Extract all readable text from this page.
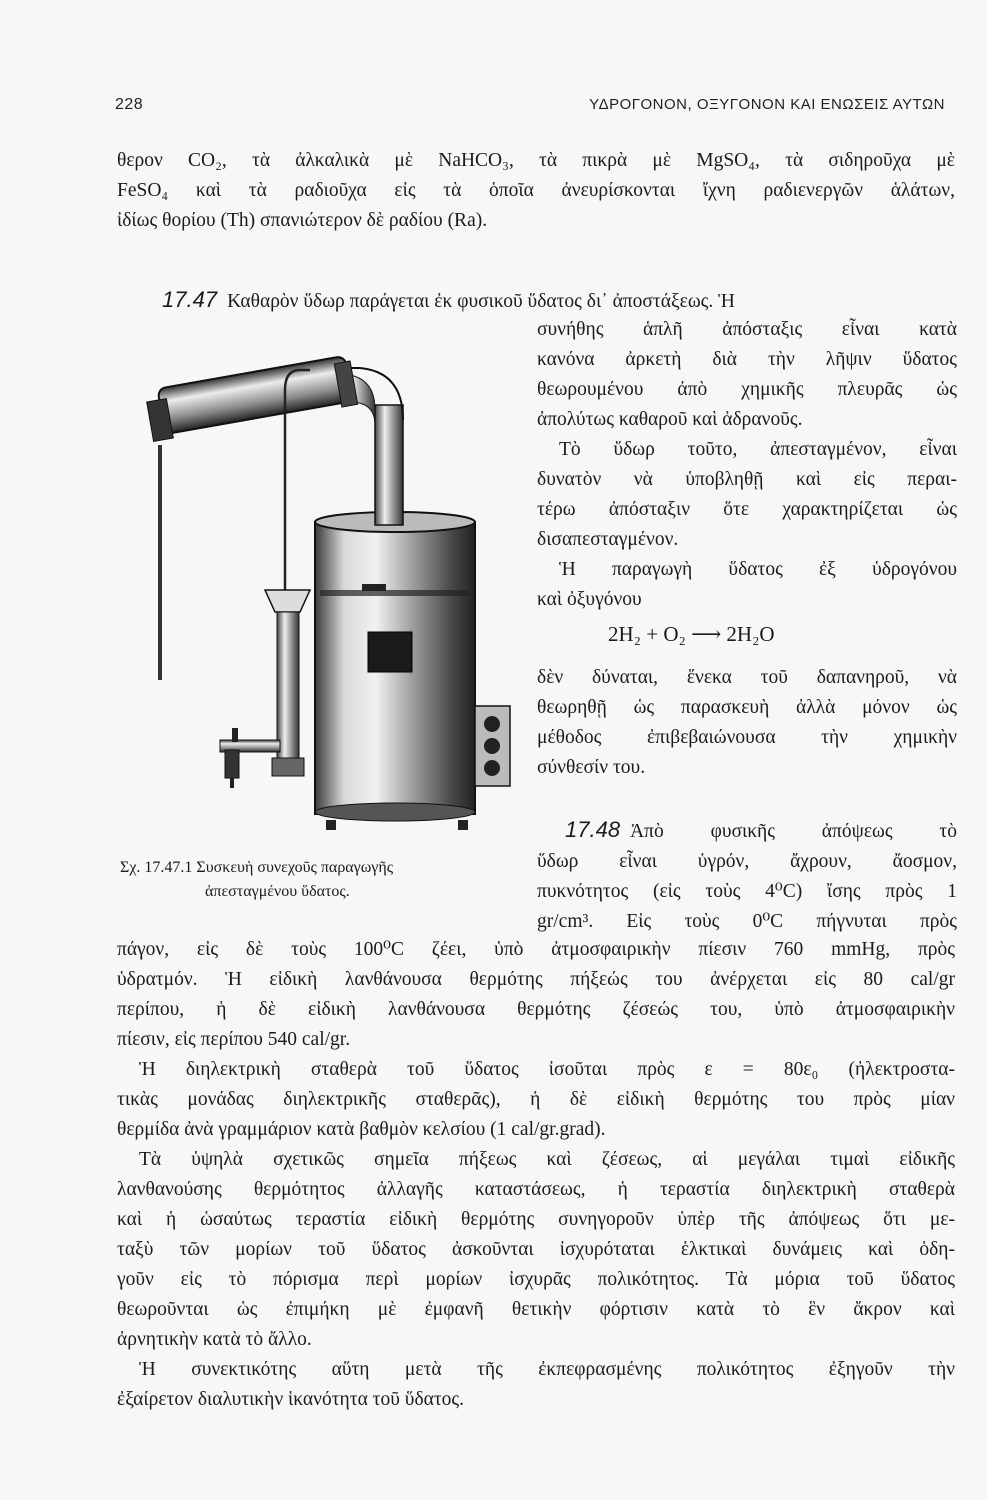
228	ΥΔΡΟΓΟΝΟΝ, ΟΞΥΓΟΝΟΝ ΚΑΙ ΕΝΩΣΕΙΣ ΑΥΤΩΝ
θερον CO₂, τὰ ἀλκαλικὰ μὲ NaHCO₃, τὰ πικρὰ μὲ MgSO₄, τὰ σιδηροῦχα μὲ
FeSO₄ καὶ τὰ ραδιοῦχα εἰς τὰ ὁποῖα ἀνευρίσκονται ἴχνη ραδιενεργῶν ἁλάτων,
ἰδίως θορίου (Th) σπανιώτερον δὲ ραδίου (Ra).
17.47 Καθαρὸν ὕδωρ παράγεται ἐκ φυσικοῦ ὕδατος δι᾽ ἀποστάξεως. Ἡ
συνήθης ἁπλῆ ἀπόσταξις εἶναι κατὰ
κανόνα ἀρκετὴ διὰ τὴν λῆψιν ὕδατος
θεωρουμένου ἀπὸ χημικῆς πλευρᾶς ὡς
ἀπολύτως καθαροῦ καὶ ἀδρανοῦς.
Τὸ ὕδωρ τοῦτο, ἀπεσταγμένον, εἶναι
δυνατὸν νὰ ὑποβληθῇ καὶ εἰς περαι-
τέρω ἀπόσταξιν ὅτε χαρακτηρίζεται ὡς
δισαπεσταγμένον.
Ἡ παραγωγὴ ὕδατος ἐξ ὑδρογόνου
καὶ ὀξυγόνου
2H₂ + O₂ ⟶ 2H₂O
δὲν δύναται, ἕνεκα τοῦ δαπανηροῦ, νὰ
θεωρηθῇ ὡς παρασκευὴ ἀλλὰ μόνον ὡς
μέθοδος ἐπιβεβαιώνουσα τὴν χημικὴν
σύνθεσίν του.
Σχ. 17.47.1 Συσκευὴ συνεχοῦς παραγωγῆς
ἀπεσταγμένου ὕδατος.
17.48 Ἀπὸ φυσικῆς ἀπόψεως τὸ
ὕδωρ εἶναι ὑγρόν, ἄχρουν, ἄοσμον,
πυκνότητος (εἰς τοὺς 4⁰C) ἴσης πρὸς 1
gr/cm³. Εἰς τοὺς 0⁰C πήγνυται πρὸς
πάγον, εἰς δὲ τοὺς 100⁰C ζέει, ὑπὸ ἀτμοσφαιρικὴν πίεσιν 760 mmHg, πρὸς
ὑδρατμόν. Ἡ εἰδικὴ λανθάνουσα θερμότης πήξεώς του ἀνέρχεται εἰς 80 cal/gr
περίπου, ἡ δὲ εἰδικὴ λανθάνουσα θερμότης ζέσεώς του, ὑπὸ ἀτμοσφαιρικὴν
πίεσιν, εἰς περίπου 540 cal/gr.
Ἡ διηλεκτρικὴ σταθερὰ τοῦ ὕδατος ἰσοῦται πρὸς ε = 80ε₀ (ἠλεκτροστα-
τικὰς μονάδας διηλεκτρικῆς σταθερᾶς), ἡ δὲ εἰδικὴ θερμότης του πρὸς μίαν
θερμίδα ἀνὰ γραμμάριον κατὰ βαθμὸν κελσίου (1 cal/gr.grad).
Τὰ ὑψηλὰ σχετικῶς σημεῖα πήξεως καὶ ζέσεως, αἱ μεγάλαι τιμαὶ εἰδικῆς
λανθανούσης θερμότητος ἀλλαγῆς καταστάσεως, ἡ τεραστία διηλεκτρικὴ σταθερὰ
καὶ ἡ ὡσαύτως τεραστία εἰδικὴ θερμότης συνηγοροῦν ὑπὲρ τῆς ἀπόψεως ὅτι με-
ταξὺ τῶν μορίων τοῦ ὕδατος ἀσκοῦνται ἰσχυρόταται ἑλκτικαὶ δυνάμεις καὶ ὁδη-
γοῦν εἰς τὸ πόρισμα περὶ μορίων ἰσχυρᾶς πολικότητος. Τὰ μόρια τοῦ ὕδατος
θεωροῦνται ὡς ἐπιμήκη μὲ ἐμφανῆ θετικὴν φόρτισιν κατὰ τὸ ἓν ἄκρον καὶ
ἀρνητικὴν κατὰ τὸ ἄλλο.
Ἡ συνεκτικότης αὕτη μετὰ τῆς ἐκπεφρασμένης πολικότητος ἐξηγοῦν τὴν
ἐξαίρετον διαλυτικὴν ἱκανότητα τοῦ ὕδατος.
